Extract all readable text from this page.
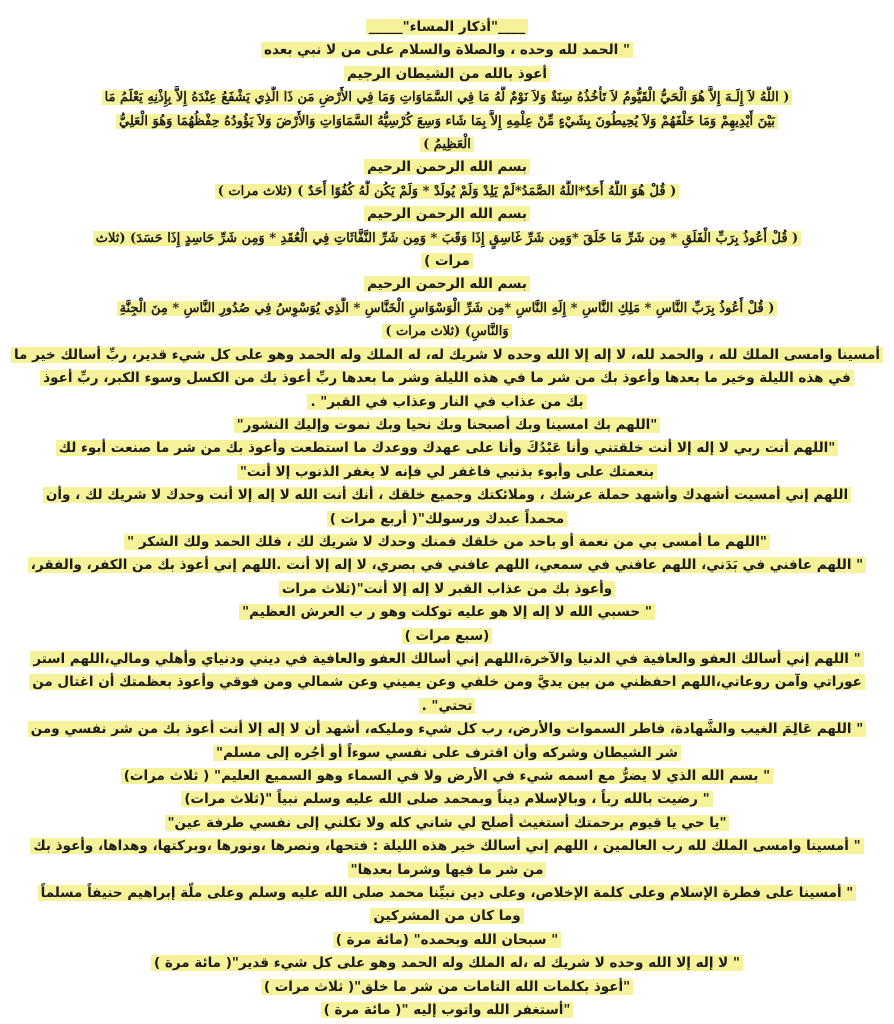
____"أذكار المساء"_____
" الحمد لله وحده ، والصلاة والسلام على من لا نبي بعده
أعوذ بالله من الشيطان الرجيم
( اللَّهُ لاَ إِلَـهَ إِلاَّ هُوَ الْحَيُّ الْقَيُّومُ لاَ تَأْخُذُهُ سِنَةٌ وَلاَ نَوْمٌ لَّهُ مَا فِي السَّمَاوَاتِ وَمَا فِي الأَرْضِ مَن ذَا الَّذِي يَشْفَعُ عِنْدَهُ إِلاَّ بِإِذْنِهِ يَعْلَمُ مَا
بَيْنَ أَيْدِيهِمْ وَمَا خَلْفَهُمْ وَلاَ يُحِيطُونَ بِشَيْءٍ مِّنْ عِلْمِهِ إِلاَّ بِمَا شَاء وَسِعَ كُرْسِيُّهُ السَّمَاوَاتِ وَالأَرْضَ وَلاَ يَؤُودُهُ حِفْظُهُمَا وَهُوَ الْعَلِيُّ
الْعَظِيمُ )
بسم الله الرحمن الرحيم
( قُلْ هُوَ اللَّهُ أَحَدٌ*اللَّهُ الصَّمَدُ*لَمْ يَلِدْ وَلَمْ يُولَدْ * وَلَمْ يَكُن لَّهُ كُفُوًا أَحَدٌ ) (ثلاث مرات )
بسم الله الرحمن الرحيم
( قُلْ أَعُوذُ بِرَبِّ الْفَلَقِ * مِن شَرِّ مَا خَلَقَ *وَمِن شَرِّ غَاسِقٍ إِذَا وَقَبَ * وَمِن شَرِّ النَّفَّاثَاتِ فِي الْعُقَدِ * وَمِن شَرِّ حَاسِدٍ إِذَا حَسَدَ) (ثلاث
مرات )
بسم الله الرحمن الرحيم
( قُلْ أَعُوذُ بِرَبِّ النَّاسِ * مَلِكِ النَّاسِ * إِلَهِ النَّاسِ *مِن شَرِّ الْوَسْوَاسِ الْخَنَّاسِ * الَّذِي يُوَسْوِسُ فِي صُدُورِ النَّاسِ * مِنَ الْجِنَّةِ
وَالنَّاسِ) (ثلاث مرات )
أمسينا وامسى الملك لله ، والحمد لله، لا إله إلا الله وحده لا شريك له، له الملك وله الحمد وهو على كل شيء قدير، ربِّ أسالك خير ما
في هذه الليلة وخير ما بعدها وأعوذ بك من شر ما في هذه الليلة وشر ما بعدها ربِّ أعوذ بك من الكسل وسوء الكبر، ربِّ أعوذ
بك من عذاب في النار وعذاب في القبر" .
"اللهم بك امسينا وبك أصبحنا وبك نحيا وبك نموت وإليك النشور"
"اللهم أنت ربي لا إله إلا أنت خلقتني وأنا عَبْدُكَ وأنا على عهدك ووعدك ما استطعت وأعوذ بك من شر ما صنعت أبوء لك
بنعمتك على وأبوء بذنبي فاغفر لي فإنه لا يغفر الذنوب إلا أنت"
اللهم إني أمسيت أشهدك وأشهد حملة عرشك ، وملائكتك وجميع خلقك ، أنك أنت الله لا إله إلا أنت وحدك لا شريك لك ، وأن
محمداً عبدك ورسولك"( أربع مرات )
"اللهم ما أمسى بي من نعمة أو باحد من خلقك فمنك وحدك لا شريك لك ، فلك الحمد ولك الشكر "
" اللهم عافني في بَدَني، اللهم عافني في سمعي، اللهم عافني في بصري، لا إله إلا أنت .اللهم إني أعوذ بك من الكفر، والفقر،
وأعوذ بك من عذاب القبر لا إله إلا أنت"(ثلاث مرات
" حسبي الله لا إله إلا هو عليه توكلت وهو ر ب العرش العظيم"
(سبع مرات )
" اللهم إني أسالك العفو والعافية في الدنيا والآخرة،اللهم إني أسالك العفو والعافية في ديني ودنياي وأهلي ومالي،اللهم استر
عوراتي وآمن روعاتي،اللهم احفظني من بين يديَّ ومن خلفي وعن يميني وعن شمالي ومن فوقي وأعوذ بعظمتك أن اغتال من
تحتي" .
" اللهم عَالِمَ الغيب والشَّهادة، فاطر السموات والأرض، رب كل شيء ومليكه، أشهد أن لا إله إلا أنت أعوذ بك من شر نفسي ومن
شر الشيطان وشركه وأن اقترف على نفسي سوءاً أو أجُره إلى مسلم"
" بسم الله الذي لا يضرُّ مع اسمه شيء في الأرض ولا في السماء وهو السميع العليم" ( ثلاث مرات)
" رضيت بالله رباً ، وبالإسلام ديناً وبمحمد صلى الله عليه وسلم نبياً "(ثلاث مرات)
"يا حي يا قيوم برحمتك أستغيث أصلح لي شاني كله ولا تكلني إلى نفسي طرفة عين"
" أمسينا وامسى الملك لله رب العالمين ، اللهم إني أسالك خير هذه الليلة : فتحها، ونصرها ،ونورها ،وبركتها، وهداها، وأعوذ بك
من شر ما فيها وشرما بعدها"
" أمسينا على فطرة الإسلام وعلى كلمة الإخلاص، وعلى دين نبيِّنا محمد صلى الله عليه وسلم وعلى ملَّة إبراهيم حنيفاً مسلماً
وما كان من المشركين
" سبحان الله وبحمده" (مائة مرة )
" لا إله إلا الله وحده لا شريك له ،له الملك وله الحمد وهو على كل شيء قدير"( مائة مرة )
"أعوذ بكلمات الله التامات من شر ما خلق"( ثلاث مرات )
"أستغفر الله واتوب إليه "( مائة مرة )
